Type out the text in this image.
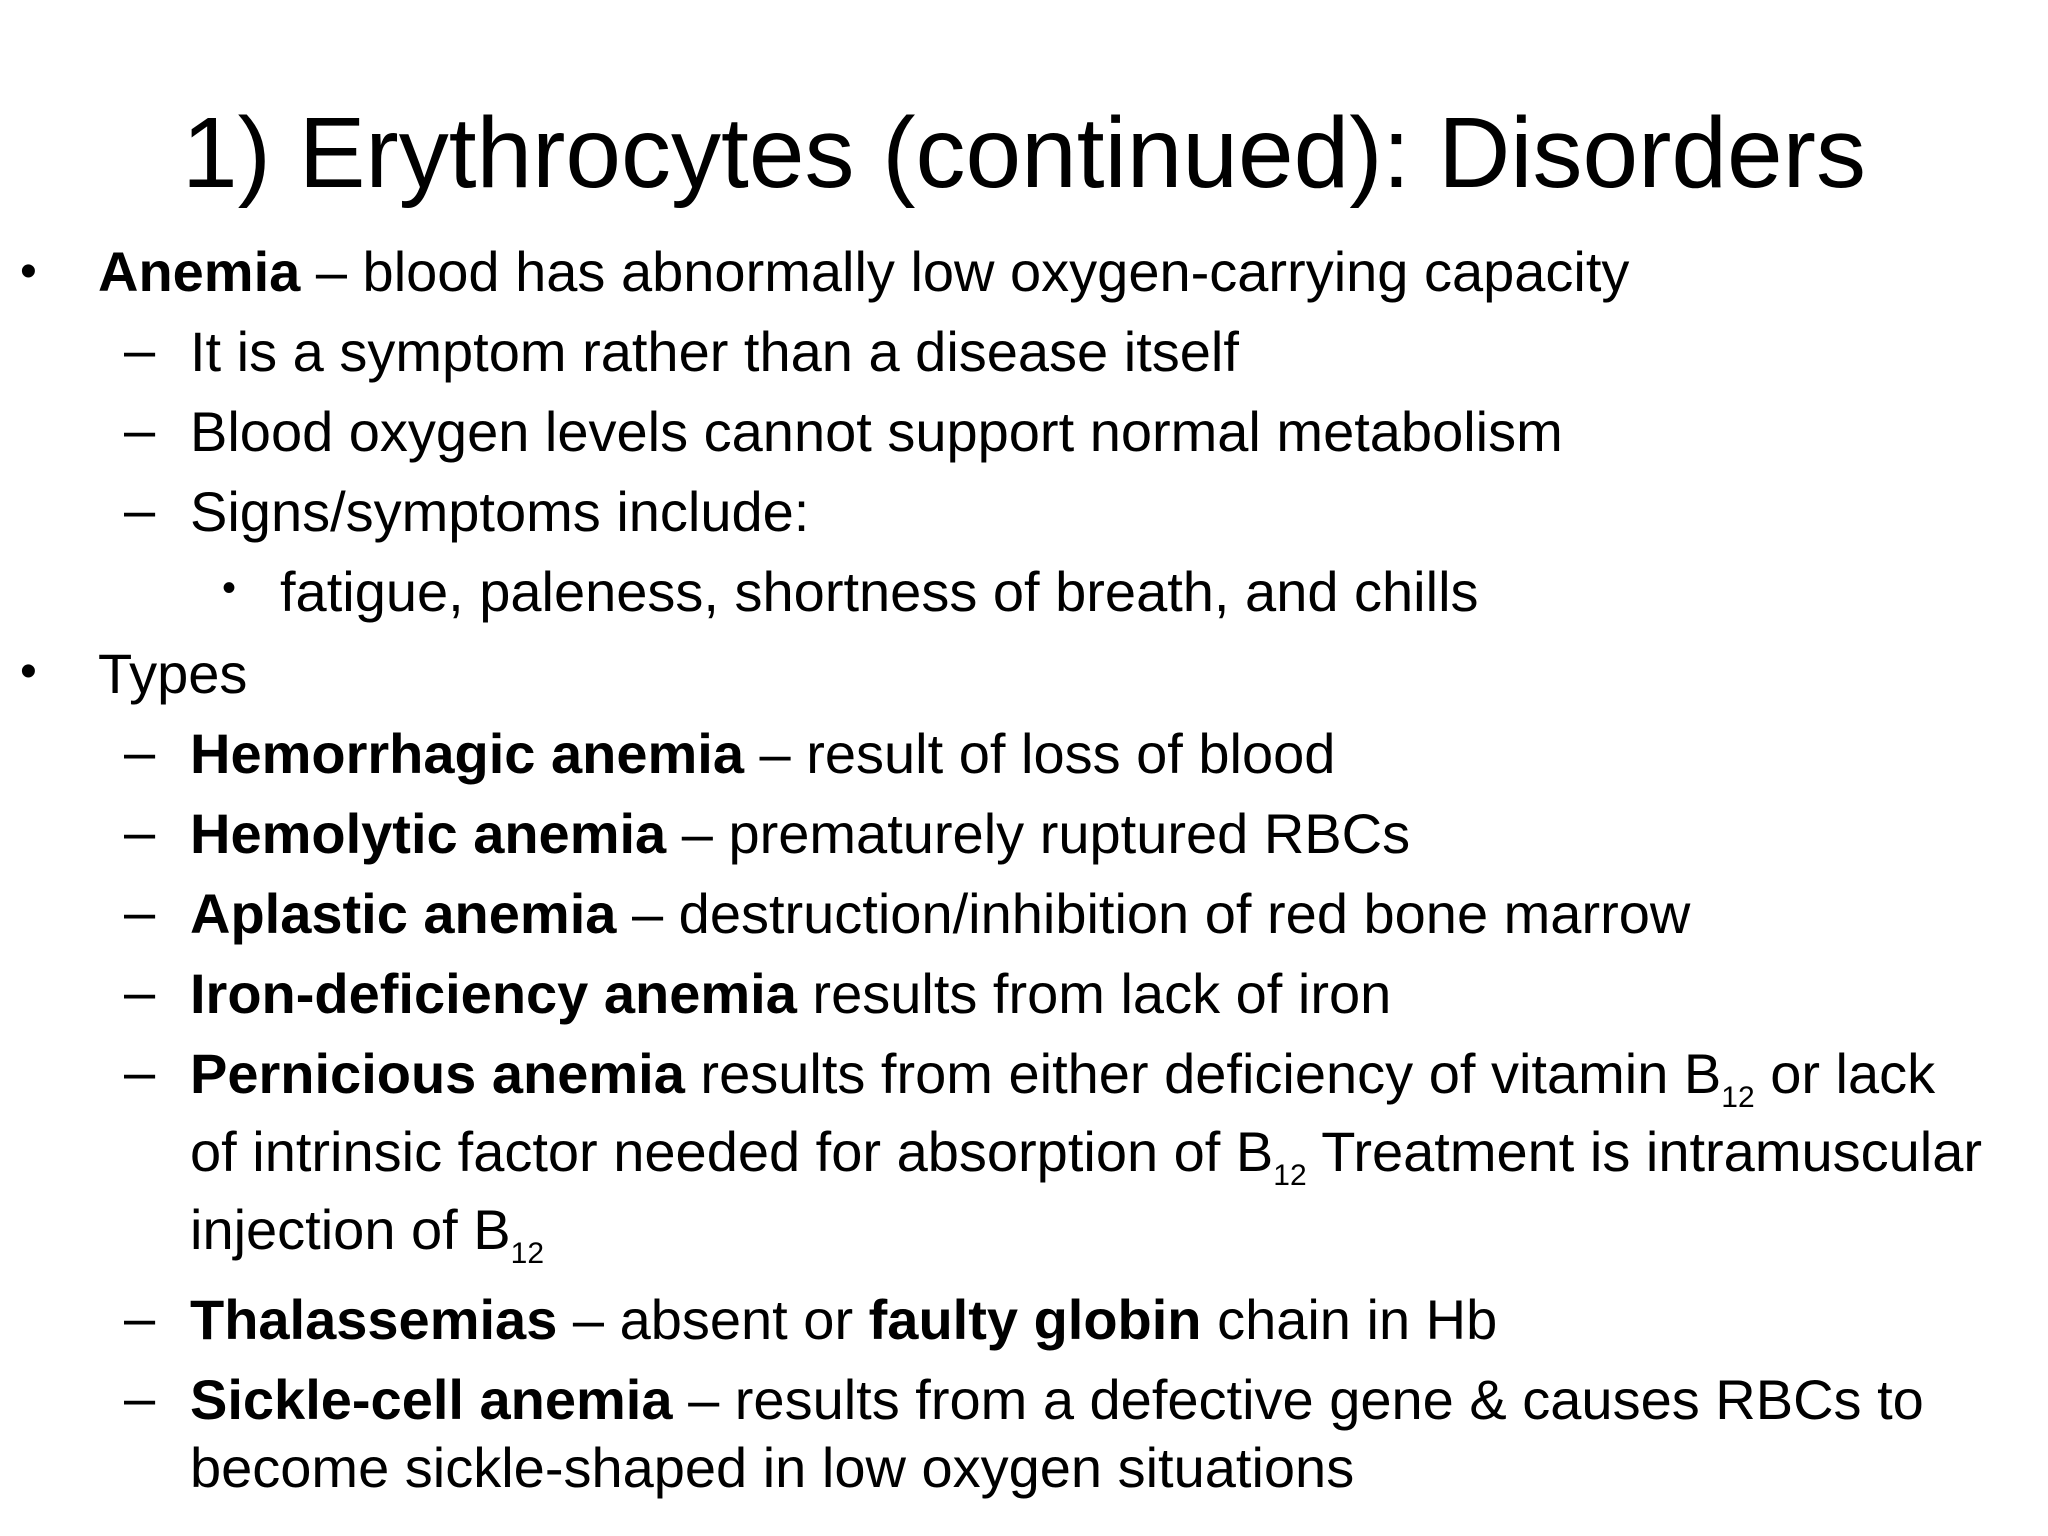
1) Erythrocytes (continued): Disorders
• Anemia – blood has abnormally low oxygen-carrying capacity
– It is a symptom rather than a disease itself
– Blood oxygen levels cannot support normal metabolism
– Signs/symptoms include:
• fatigue, paleness, shortness of breath, and chills
• Types
– Hemorrhagic anemia – result of loss of blood
– Hemolytic anemia – prematurely ruptured RBCs
– Aplastic anemia – destruction/inhibition of red bone marrow
– Iron-deficiency anemia results from lack of iron
– Pernicious anemia results from either deficiency of vitamin $B_{12}$ or lack
of intrinsic factor needed for absorption of $B_{12}$ Treatment is intramuscular
injection of $B_{12}$
– Thalassemias – absent or faulty globin chain in Hb
– Sickle-cell anemia – results from a defective gene & causes RBCs to
become sickle-shaped in low oxygen situations
